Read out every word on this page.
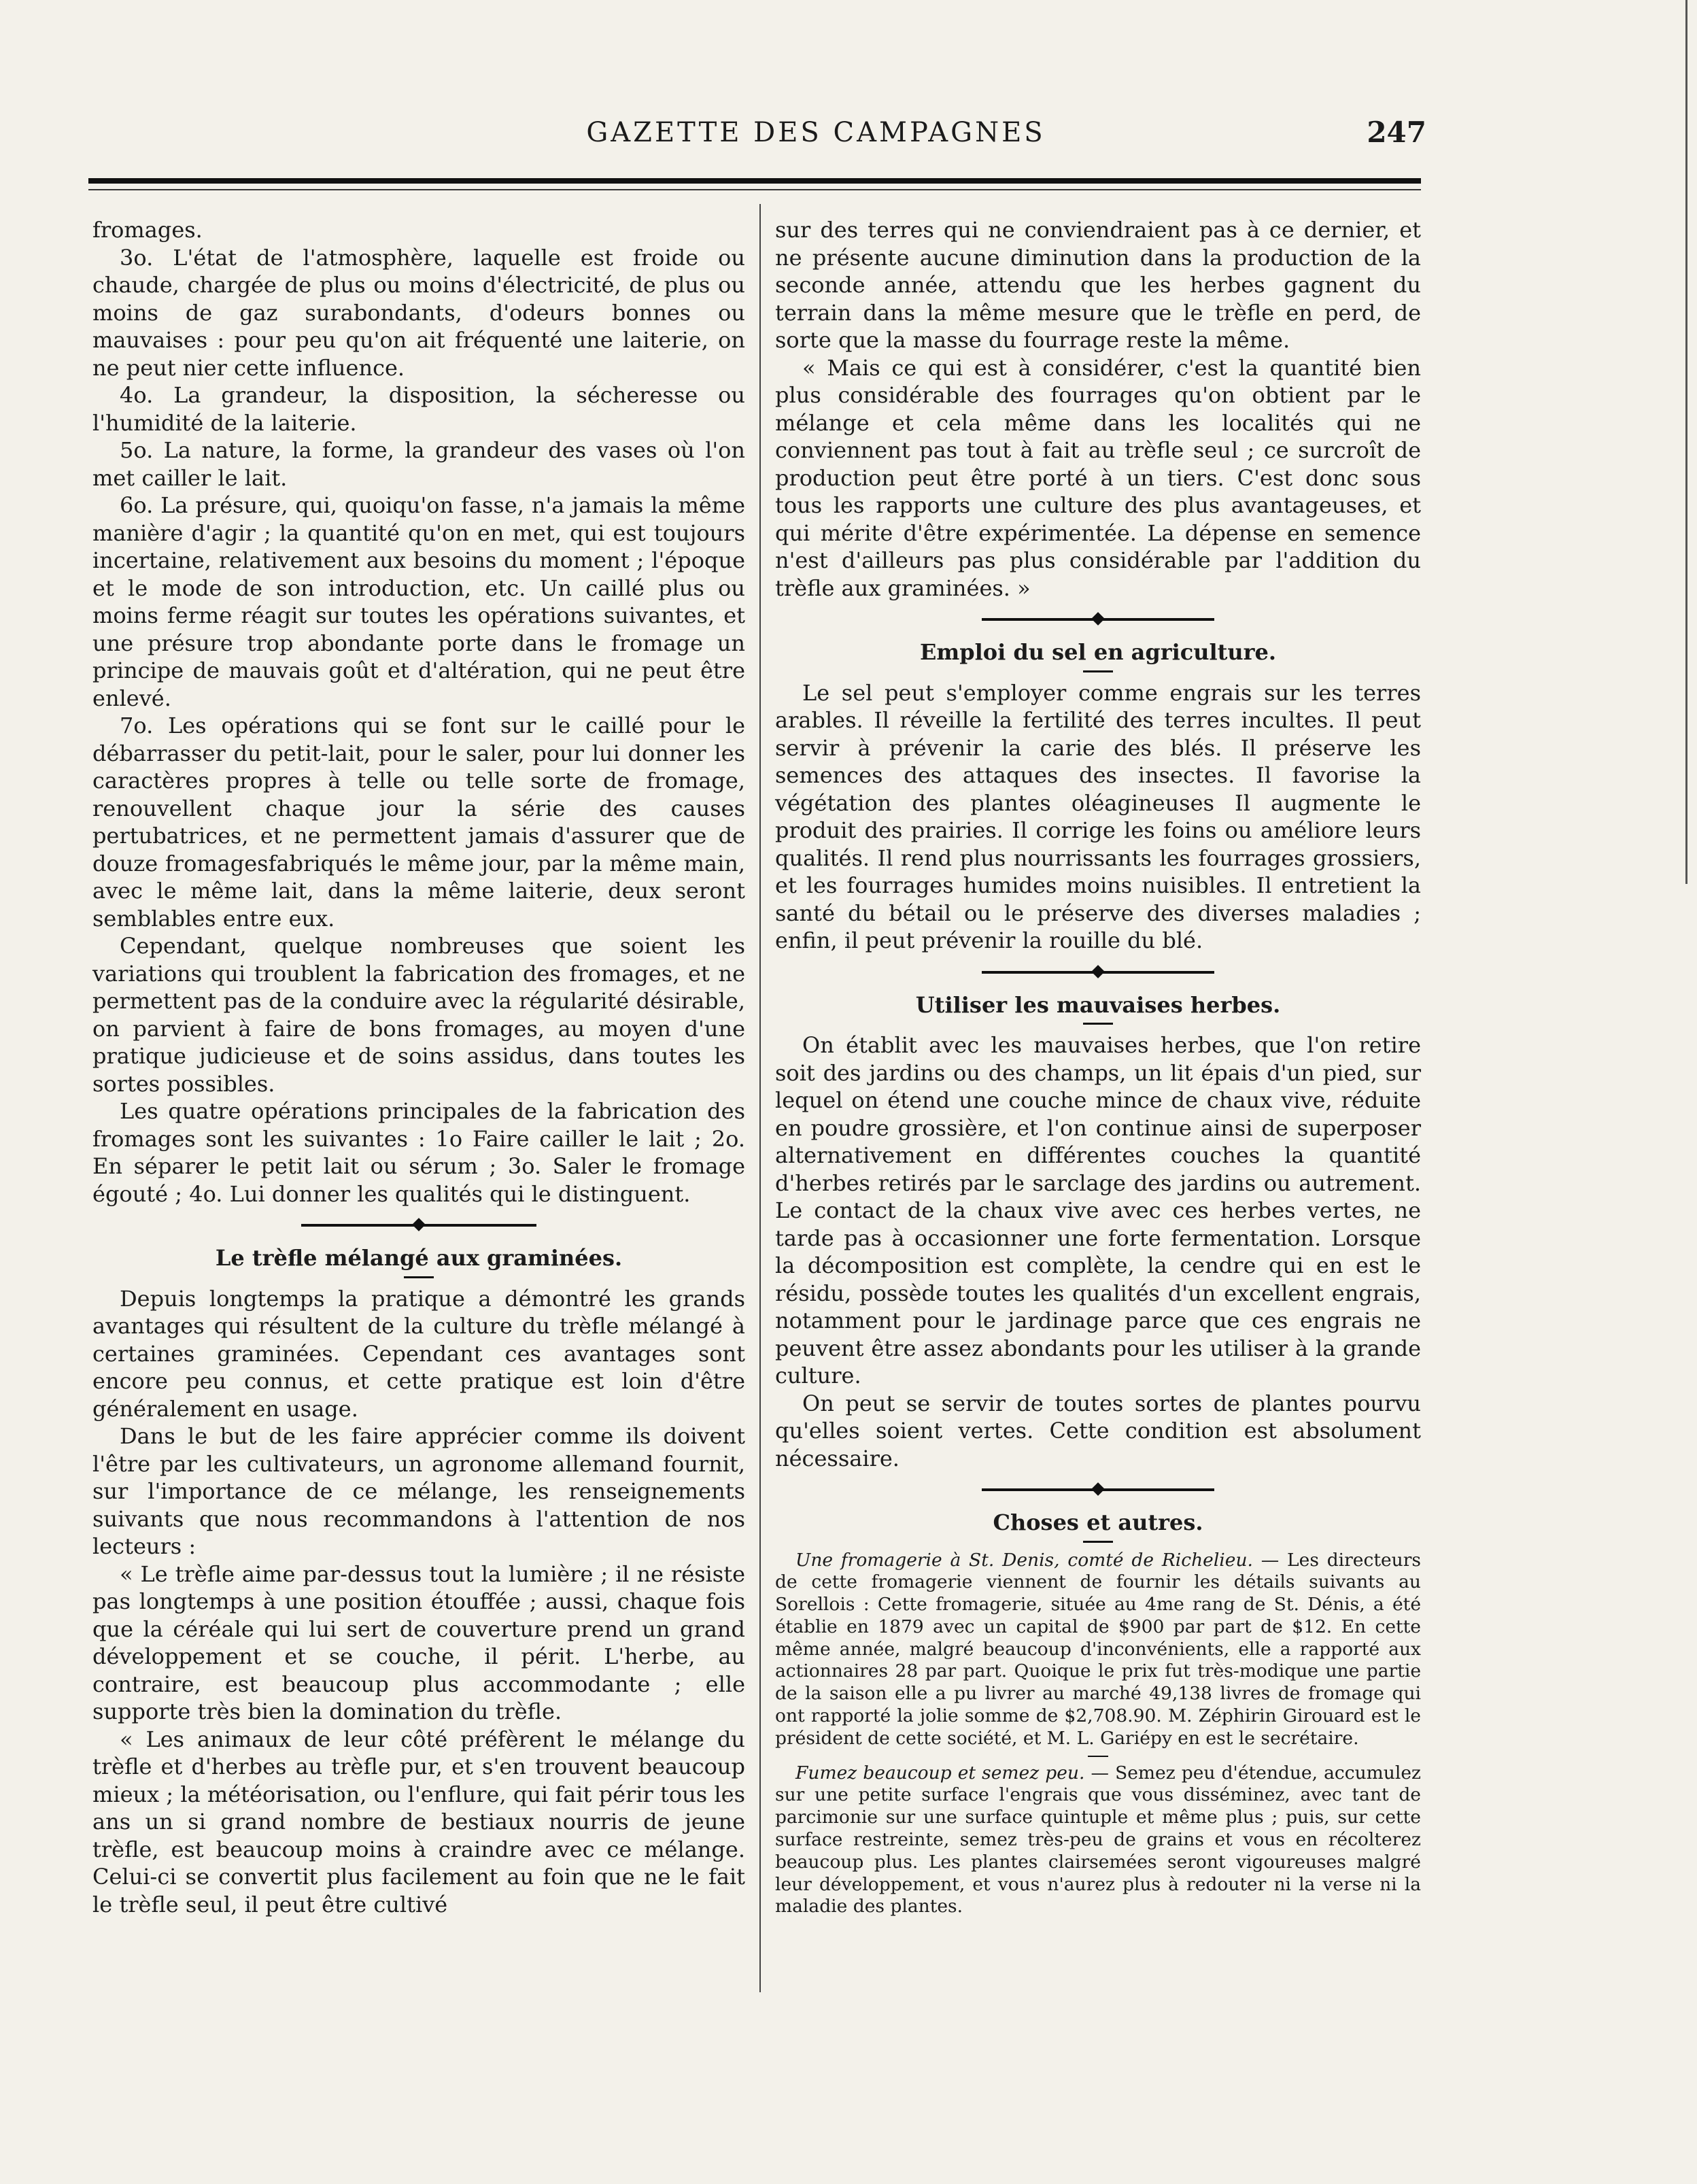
GAZETTE DES CAMPAGNES	247

fromages.

3o. L'état de l'atmosphère, laquelle est froide ou chaude, chargée de plus ou moins d'électricité, de plus ou moins de gaz surabondants, d'odeurs bonnes ou mauvaises : pour peu qu'on ait fréquenté une laiterie, on ne peut nier cette influence.

4o. La grandeur, la disposition, la sécheresse ou l'humidité de la laiterie.

5o. La nature, la forme, la grandeur des vases où l'on met cailler le lait.

6o. La présure, qui, quoiqu'on fasse, n'a jamais la même manière d'agir ; la quantité qu'on en met, qui est toujours incertaine, relativement aux besoins du moment ; l'époque et le mode de son introduction, etc. Un caillé plus ou moins ferme réagit sur toutes les opérations suivantes, et une présure trop abondante porte dans le fromage un principe de mauvais goût et d'altération, qui ne peut être enlevé.

7o. Les opérations qui se font sur le caillé pour le débarrasser du petit-lait, pour le saler, pour lui donner les caractères propres à telle ou telle sorte de fromage, renouvellent chaque jour la série des causes pertubatrices, et ne permettent jamais d'assurer que de douze fromagesfabriqués le même jour, par la même main, avec le même lait, dans la même laiterie, deux seront semblables entre eux.

Cependant, quelque nombreuses que soient les variations qui troublent la fabrication des fromages, et ne permettent pas de la conduire avec la régularité désirable, on parvient à faire de bons fromages, au moyen d'une pratique judicieuse et de soins assidus, dans toutes les sortes possibles.

Les quatre opérations principales de la fabrication des fromages sont les suivantes : 1o Faire cailler le lait ; 2o. En séparer le petit lait ou sérum ; 3o. Saler le fromage égouté ; 4o. Lui donner les qualités qui le distinguent.

Le trèfle mélangé aux graminées.

Depuis longtemps la pratique a démontré les grands avantages qui résultent de la culture du trèfle mélangé à certaines graminées. Cependant ces avantages sont encore peu connus, et cette pratique est loin d'être généralement en usage.

Dans le but de les faire apprécier comme ils doivent l'être par les cultivateurs, un agronome allemand fournit, sur l'importance de ce mélange, les renseignements suivants que nous recommandons à l'attention de nos lecteurs :

« Le trèfle aime par-dessus tout la lumière ; il ne résiste pas longtemps à une position étouffée ; aussi, chaque fois que la céréale qui lui sert de couverture prend un grand développement et se couche, il périt. L'herbe, au contraire, est beaucoup plus accommodante ; elle supporte très bien la domination du trèfle.

« Les animaux de leur côté préfèrent le mélange du trèfle et d'herbes au trèfle pur, et s'en trouvent beaucoup mieux ; la météorisation, ou l'enflure, qui fait périr tous les ans un si grand nombre de bestiaux nourris de jeune trèfle, est beaucoup moins à craindre avec ce mélange. Celui-ci se convertit plus facilement au foin que ne le fait le trèfle seul, il peut être cultivé

sur des terres qui ne conviendraient pas à ce dernier, et ne présente aucune diminution dans la production de la seconde année, attendu que les herbes gagnent du terrain dans la même mesure que le trèfle en perd, de sorte que la masse du fourrage reste la même.

« Mais ce qui est à considérer, c'est la quantité bien plus considérable des fourrages qu'on obtient par le mélange et cela même dans les localités qui ne conviennent pas tout à fait au trèfle seul ; ce surcroît de production peut être porté à un tiers. C'est donc sous tous les rapports une culture des plus avantageuses, et qui mérite d'être expérimentée. La dépense en semence n'est d'ailleurs pas plus considérable par l'addition du trèfle aux graminées. »

Emploi du sel en agriculture.

Le sel peut s'employer comme engrais sur les terres arables. Il réveille la fertilité des terres incultes. Il peut servir à prévenir la carie des blés. Il préserve les semences des attaques des insectes. Il favorise la végétation des plantes oléagineuses Il augmente le produit des prairies. Il corrige les foins ou améliore leurs qualités. Il rend plus nourrissants les fourrages grossiers, et les fourrages humides moins nuisibles. Il entretient la santé du bétail ou le préserve des diverses maladies ; enfin, il peut prévenir la rouille du blé.

Utiliser les mauvaises herbes.

On établit avec les mauvaises herbes, que l'on retire soit des jardins ou des champs, un lit épais d'un pied, sur lequel on étend une couche mince de chaux vive, réduite en poudre grossière, et l'on continue ainsi de superposer alternativement en différentes couches la quantité d'herbes retirés par le sarclage des jardins ou autrement. Le contact de la chaux vive avec ces herbes vertes, ne tarde pas à occasionner une forte fermentation. Lorsque la décomposition est complète, la cendre qui en est le résidu, possède toutes les qualités d'un excellent engrais, notamment pour le jardinage parce que ces engrais ne peuvent être assez abondants pour les utiliser à la grande culture.

On peut se servir de toutes sortes de plantes pourvu qu'elles soient vertes. Cette condition est absolument nécessaire.

Choses et autres.

Une fromagerie à St. Denis, comté de Richelieu. — Les directeurs de cette fromagerie viennent de fournir les détails suivants au Sorellois : Cette fromagerie, située au 4me rang de St. Dénis, a été établie en 1879 avec un capital de $900 par part de $12. En cette même année, malgré beaucoup d'inconvénients, elle a rapporté aux actionnaires 28 par part. Quoique le prix fut très-modique une partie de la saison elle a pu livrer au marché 49,138 livres de fromage qui ont rapporté la jolie somme de $2,708.90. M. Zéphirin Girouard est le président de cette société, et M. L. Gariépy en est le secrétaire.

Fumez beaucoup et semez peu. — Semez peu d'étendue, accumulez sur une petite surface l'engrais que vous disséminez, avec tant de parcimonie sur une surface quintuple et même plus ; puis, sur cette surface restreinte, semez très-peu de grains et vous en récolterez beaucoup plus. Les plantes clairsemées seront vigoureuses malgré leur développement, et vous n'aurez plus à redouter ni la verse ni la maladie des plantes.
